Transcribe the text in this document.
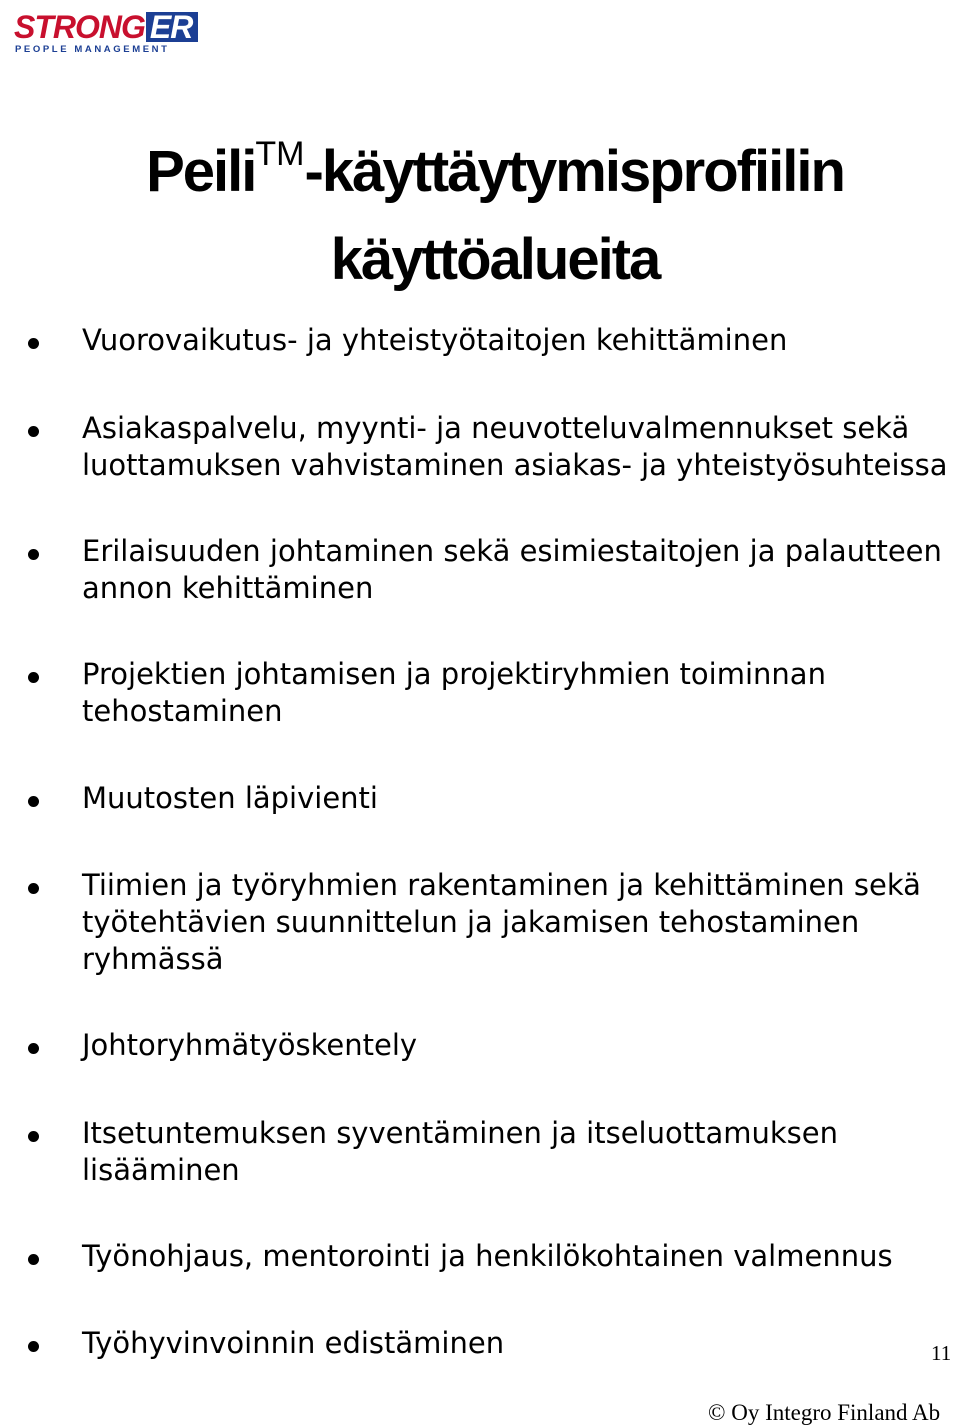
STRONG ER
PEOPLE MANAGEMENT
Peili™-käyttäytymisprofiilin
käyttöalueita
Vuorovaikutus- ja yhteistyötaitojen kehittäminen
Asiakaspalvelu, myynti- ja neuvotteluvalmennukset sekä
luottamuksen vahvistaminen asiakas- ja yhteistyösuhteissa
Erilaisuuden johtaminen sekä esimiestaitojen ja palautteen
annon kehittäminen
Projektien johtamisen ja projektiryhmien toiminnan
tehostaminen
Muutosten läpivienti
Tiimien ja työryhmien rakentaminen ja kehittäminen sekä
työtehtävien suunnittelun ja jakamisen tehostaminen
ryhmässä
Johtoryhmätyöskentely
Itsetuntemuksen syventäminen ja itseluottamuksen
lisääminen
Työnohjaus, mentorointi ja henkilökohtainen valmennus
Työhyvinvoinnin edistäminen	11
© Oy Integro Finland Ab
